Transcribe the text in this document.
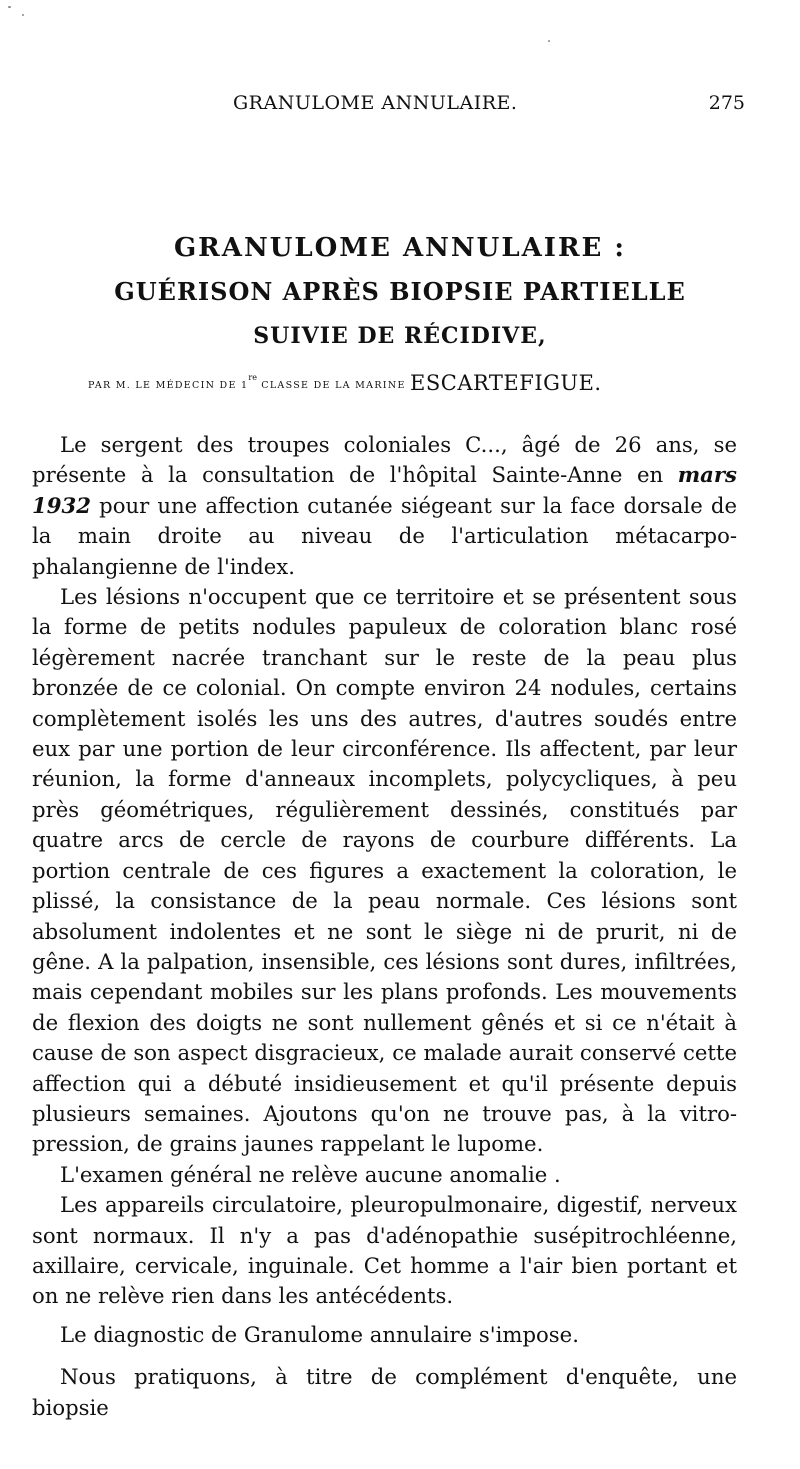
GRANULOME ANNULAIRE.	275
GRANULOME ANNULAIRE :
GUÉRISON APRÈS BIOPSIE PARTIELLE
SUIVIE DE RÉCIDIVE,
PAR M. LE MÉDECIN DE 1re CLASSE DE LA MARINE ESCARTEFIGUE.

Le sergent des troupes coloniales C..., âgé de 26 ans, se présente à la consultation de l'hôpital Sainte-Anne en mars 1932 pour une affection cutanée siégeant sur la face dorsale de la main droite au niveau de l'articulation métacarpo-phalangienne de l'index.

Les lésions n'occupent que ce territoire et se présentent sous la forme de petits nodules papuleux de coloration blanc rosé légèrement nacrée tranchant sur le reste de la peau plus bronzée de ce colonial. On compte environ 24 nodules, certains complètement isolés les uns des autres, d'autres soudés entre eux par une portion de leur circonférence. Ils affectent, par leur réunion, la forme d'anneaux incomplets, polycycliques, à peu près géométriques, régulièrement dessinés, constitués par quatre arcs de cercle de rayons de courbure différents. La portion centrale de ces figures a exactement la coloration, le plissé, la consistance de la peau normale. Ces lésions sont absolument indolentes et ne sont le siège ni de prurit, ni de gêne. A la palpation, insensible, ces lésions sont dures, infiltrées, mais cependant mobiles sur les plans profonds. Les mouvements de flexion des doigts ne sont nullement gênés et si ce n'était à cause de son aspect disgracieux, ce malade aurait conservé cette affection qui a débuté insidieusement et qu'il présente depuis plusieurs semaines. Ajoutons qu'on ne trouve pas, à la vitro-pression, de grains jaunes rappelant le lupome.

L'examen général ne relève aucune anomalie .

Les appareils circulatoire, pleuropulmonaire, digestif, nerveux sont normaux. Il n'y a pas d'adénopathie susépitrochléenne, axillaire, cervicale, inguinale. Cet homme a l'air bien portant et on ne relève rien dans les antécédents.

Le diagnostic de Granulome annulaire s'impose.

Nous pratiquons, à titre de complément d'enquête, une biopsie
